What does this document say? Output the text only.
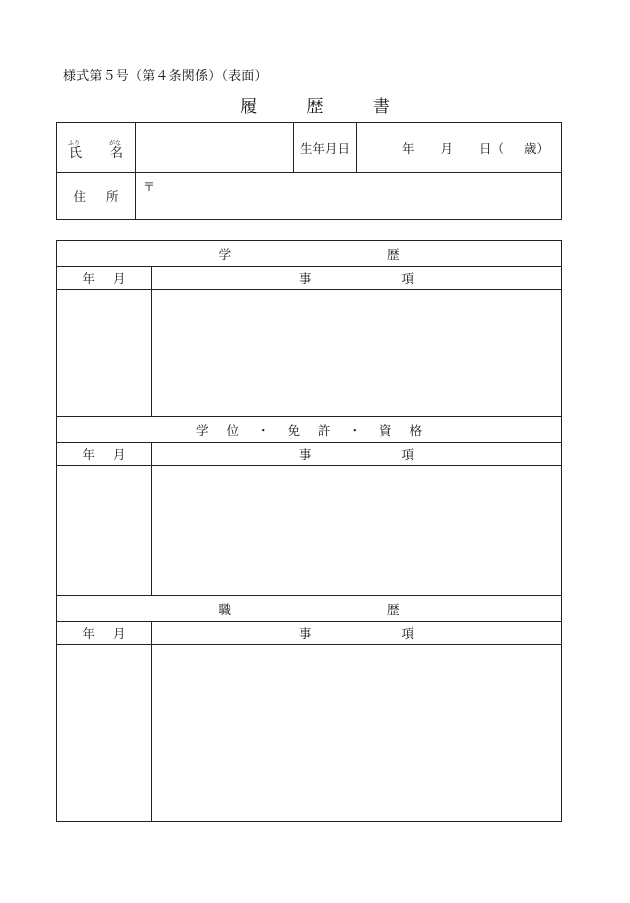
様式第５号（第４条関係）（表面）
履	歴	書
ふり がな
氏 名		生年月日	年 月 日（ 歳）

住 所	〒		
学 歴	
年 月	事 項

学 位 ・ 免 許 ・ 資 格	
年 月	事 項

職 歴	
年 月	事 項
